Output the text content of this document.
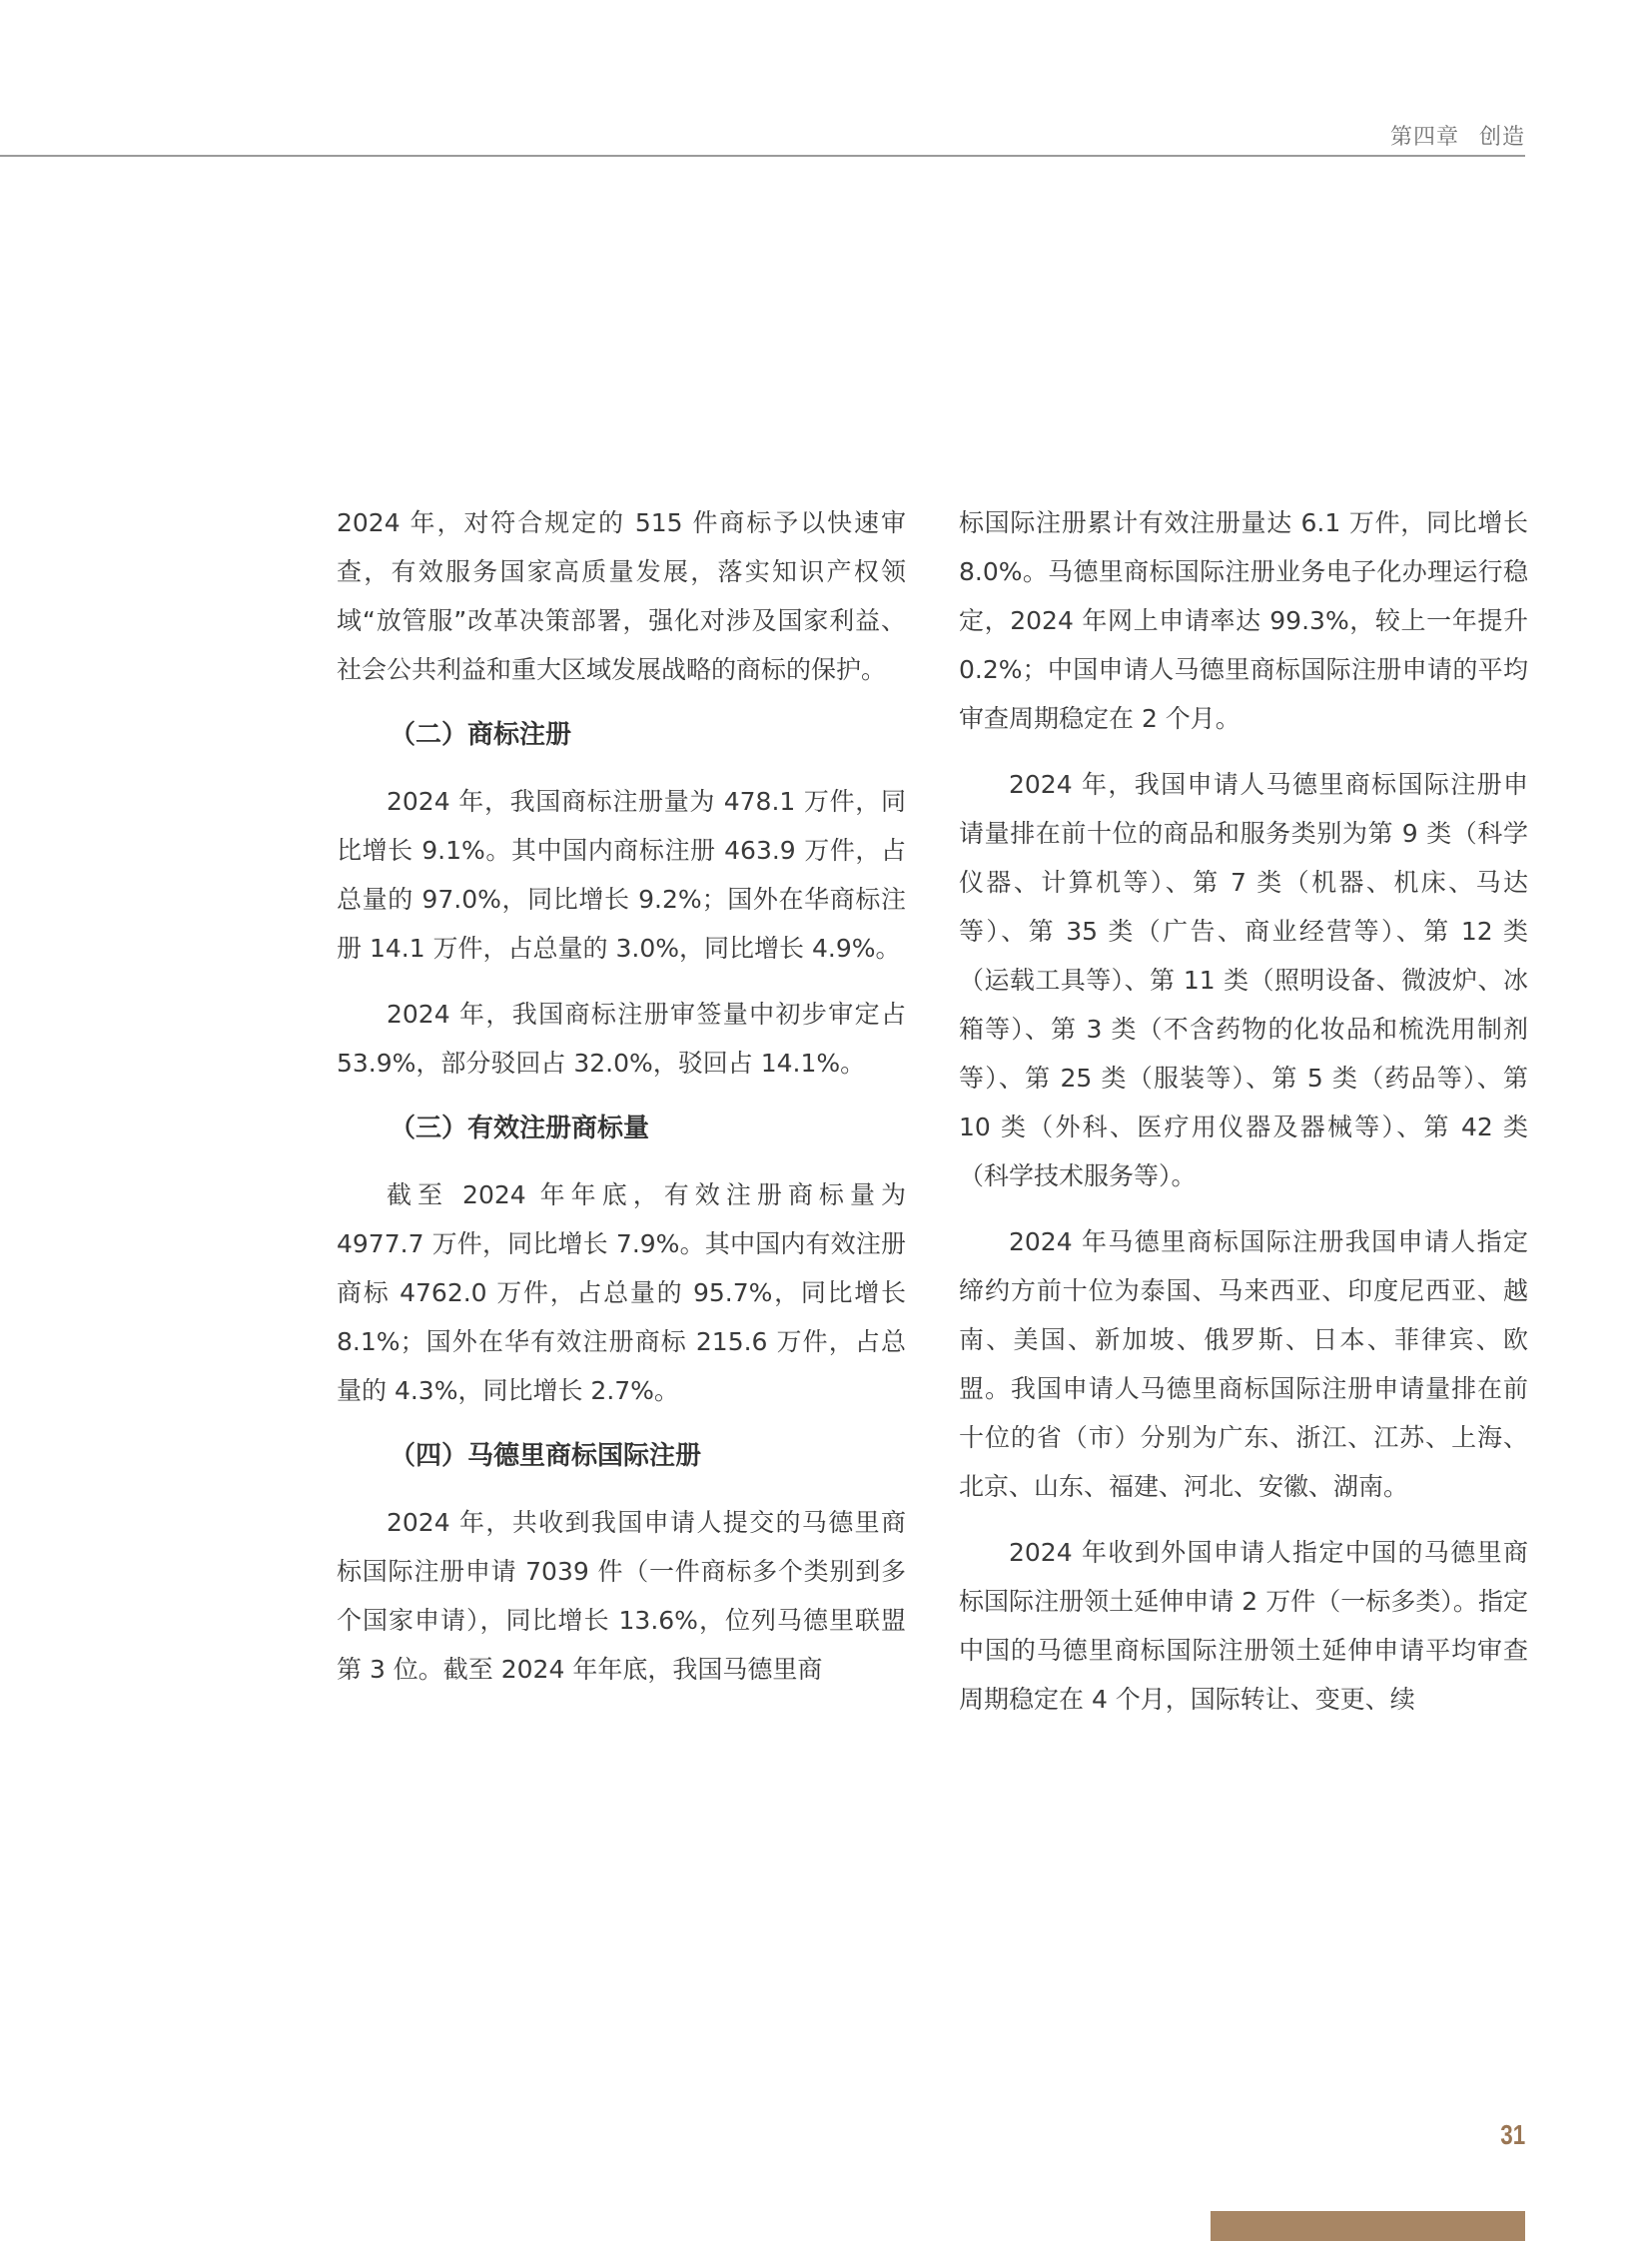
第四章 创造

2024 年，对符合规定的 515 件商标予以快速审查，有效服务国家高质量发展，落实知识产权领域“放管服”改革决策部署，强化对涉及国家利益、社会公共利益和重大区域发展战略的商标的保护。

（二）商标注册

2024 年，我国商标注册量为 478.1 万件，同比增长 9.1%。其中国内商标注册 463.9 万件，占总量的 97.0%，同比增长 9.2%；国外在华商标注册 14.1 万件，占总量的 3.0%，同比增长 4.9%。

2024 年，我国商标注册审签量中初步审定占 53.9%，部分驳回占 32.0%，驳回占 14.1%。

（三）有效注册商标量

截至 2024 年年底，有效注册商标量为 4977.7 万件，同比增长 7.9%。其中国内有效注册商标 4762.0 万件，占总量的 95.7%，同比增长 8.1%；国外在华有效注册商标 215.6 万件，占总量的 4.3%，同比增长 2.7%。

（四）马德里商标国际注册

2024 年，共收到我国申请人提交的马德里商标国际注册申请 7039 件（一件商标多个类别到多个国家申请），同比增长 13.6%，位列马德里联盟第 3 位。截至 2024 年年底，我国马德里商

标国际注册累计有效注册量达 6.1 万件，同比增长 8.0%。马德里商标国际注册业务电子化办理运行稳定，2024 年网上申请率达 99.3%，较上一年提升 0.2%；中国申请人马德里商标国际注册申请的平均审查周期稳定在 2 个月。

2024 年，我国申请人马德里商标国际注册申请量排在前十位的商品和服务类别为第 9 类（科学仪器、计算机等）、第 7 类（机器、机床、马达等）、第 35 类（广告、商业经营等）、第 12 类（运载工具等）、第 11 类（照明设备、微波炉、冰箱等）、第 3 类（不含药物的化妆品和梳洗用制剂等）、第 25 类（服装等）、第 5 类（药品等）、第 10 类（外科、医疗用仪器及器械等）、第 42 类（科学技术服务等）。

2024 年马德里商标国际注册我国申请人指定缔约方前十位为泰国、马来西亚、印度尼西亚、越南、美国、新加坡、俄罗斯、日本、菲律宾、欧盟。我国申请人马德里商标国际注册申请量排在前十位的省（市）分别为广东、浙江、江苏、上海、北京、山东、福建、河北、安徽、湖南。

2024 年收到外国申请人指定中国的马德里商标国际注册领土延伸申请 2 万件（一标多类）。指定中国的马德里商标国际注册领土延伸申请平均审查周期稳定在 4 个月，国际转让、变更、续

31
